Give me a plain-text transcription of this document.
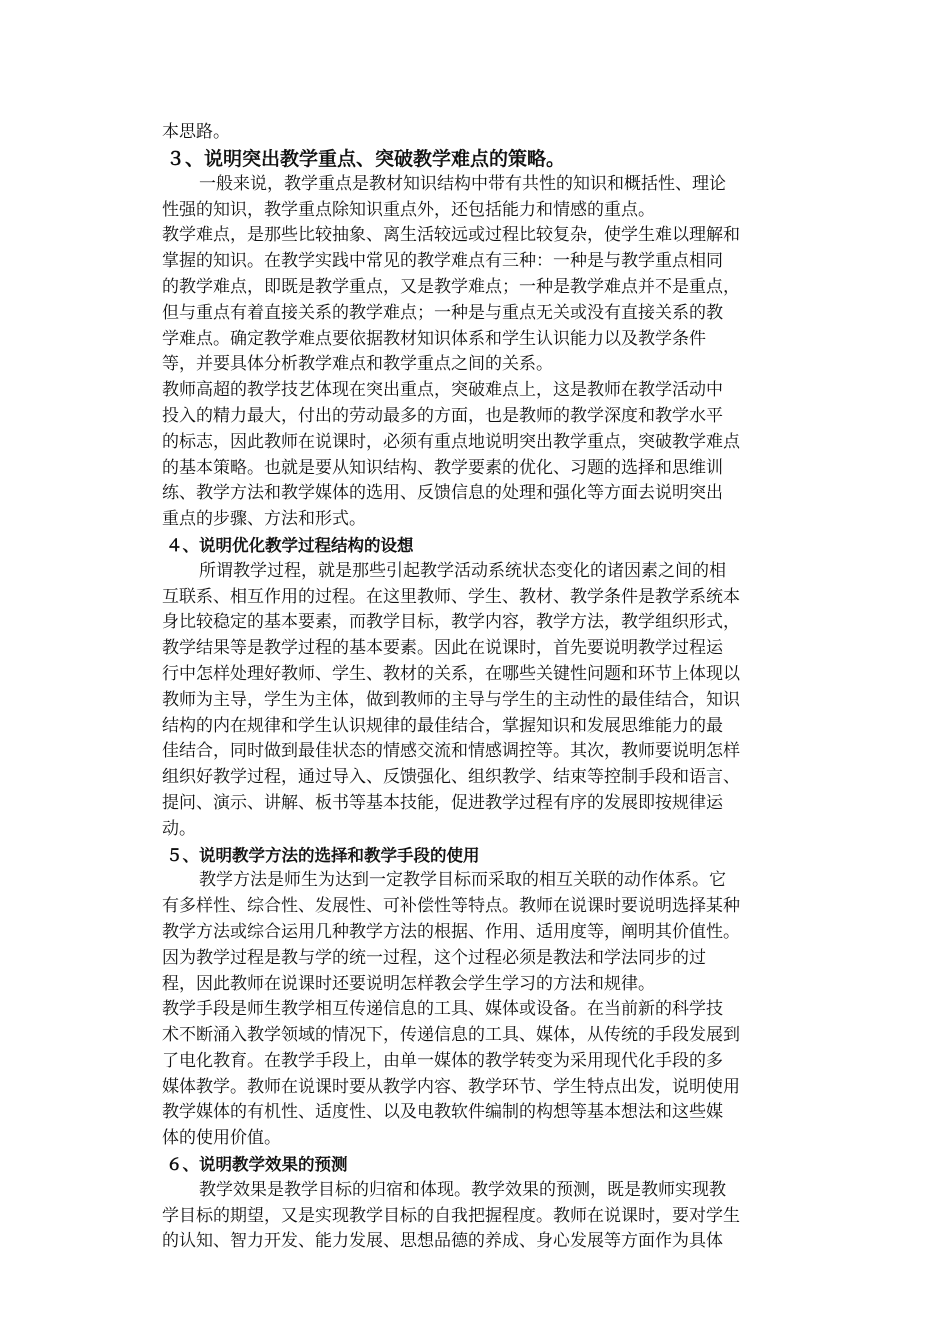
本思路。
３、说明突出教学重点、突破教学难点的策略。
一般来说，教学重点是教材知识结构中带有共性的知识和概括性、理论
性强的知识，教学重点除知识重点外，还包括能力和情感的重点。
教学难点，是那些比较抽象、离生活较远或过程比较复杂，使学生难以理解和
掌握的知识。在教学实践中常见的教学难点有三种：一种是与教学重点相同
的教学难点，即既是教学重点，又是教学难点；一种是教学难点并不是重点，
但与重点有着直接关系的教学难点；一种是与重点无关或没有直接关系的教
学难点。确定教学难点要依据教材知识体系和学生认识能力以及教学条件
等，并要具体分析教学难点和教学重点之间的关系。
教师高超的教学技艺体现在突出重点，突破难点上，这是教师在教学活动中
投入的精力最大，付出的劳动最多的方面，也是教师的教学深度和教学水平
的标志，因此教师在说课时，必须有重点地说明突出教学重点，突破教学难点
的基本策略。也就是要从知识结构、教学要素的优化、习题的选择和思维训
练、教学方法和教学媒体的选用、反馈信息的处理和强化等方面去说明突出
重点的步骤、方法和形式。
４、说明优化教学过程结构的设想
所谓教学过程，就是那些引起教学活动系统状态变化的诸因素之间的相
互联系、相互作用的过程。在这里教师、学生、教材、教学条件是教学系统本
身比较稳定的基本要素，而教学目标，教学内容，教学方法，教学组织形式，
教学结果等是教学过程的基本要素。因此在说课时，首先要说明教学过程运
行中怎样处理好教师、学生、教材的关系，在哪些关键性问题和环节上体现以
教师为主导，学生为主体，做到教师的主导与学生的主动性的最佳结合，知识
结构的内在规律和学生认识规律的最佳结合，掌握知识和发展思维能力的最
佳结合，同时做到最佳状态的情感交流和情感调控等。其次，教师要说明怎样
组织好教学过程，通过导入、反馈强化、组织教学、结束等控制手段和语言、
提问、演示、讲解、板书等基本技能，促进教学过程有序的发展即按规律运
动。
５、说明教学方法的选择和教学手段的使用
教学方法是师生为达到一定教学目标而采取的相互关联的动作体系。它
有多样性、综合性、发展性、可补偿性等特点。教师在说课时要说明选择某种
教学方法或综合运用几种教学方法的根据、作用、适用度等，阐明其价值性。
因为教学过程是教与学的统一过程，这个过程必须是教法和学法同步的过
程，因此教师在说课时还要说明怎样教会学生学习的方法和规律。
教学手段是师生教学相互传递信息的工具、媒体或设备。在当前新的科学技
术不断涌入教学领域的情况下，传递信息的工具、媒体，从传统的手段发展到
了电化教育。在教学手段上，由单一媒体的教学转变为采用现代化手段的多
媒体教学。教师在说课时要从教学内容、教学环节、学生特点出发，说明使用
教学媒体的有机性、适度性、以及电教软件编制的构想等基本想法和这些媒
体的使用价值。
６、说明教学效果的预测
教学效果是教学目标的归宿和体现。教学效果的预测，既是教师实现教
学目标的期望，又是实现教学目标的自我把握程度。教师在说课时，要对学生
的认知、智力开发、能力发展、思想品德的养成、身心发展等方面作为具体
